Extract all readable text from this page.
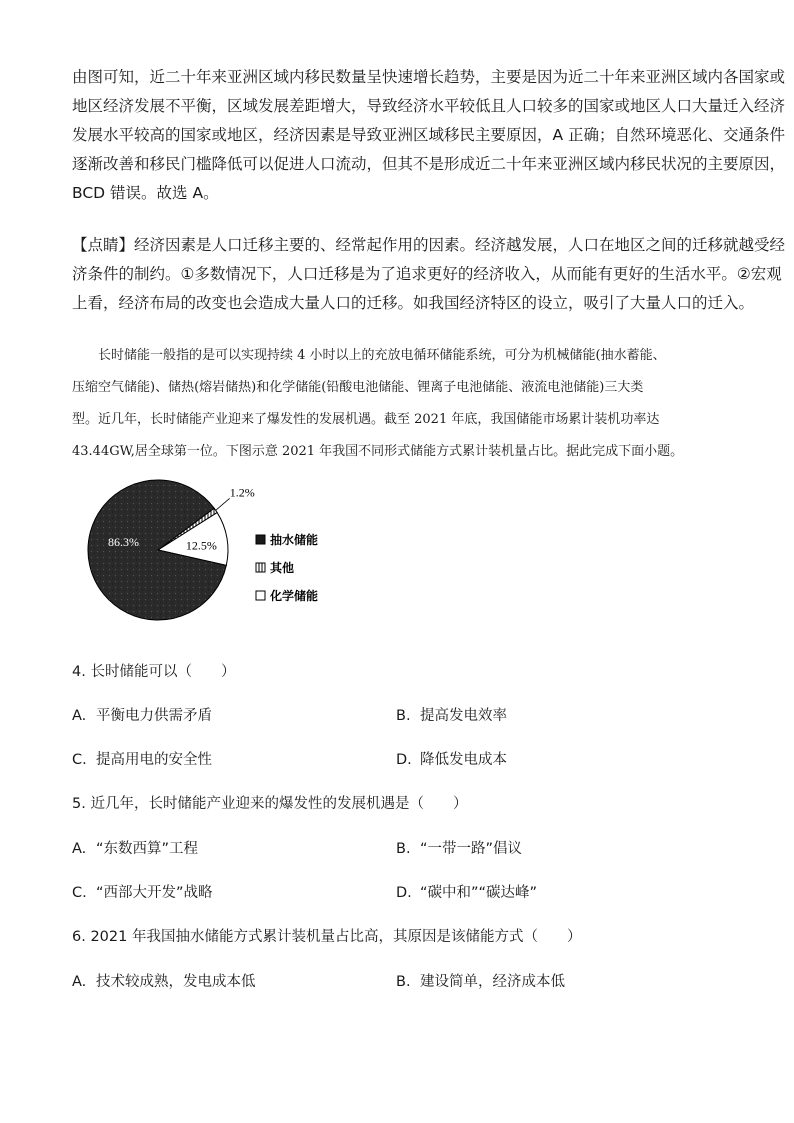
由图可知，近二十年来亚洲区域内移民数量呈快速增长趋势，主要是因为近二十年来亚洲区域内各国家或
地区经济发展不平衡，区域发展差距增大，导致经济水平较低且人口较多的国家或地区人口大量迁入经济
发展水平较高的国家或地区，经济因素是导致亚洲区域移民主要原因，A 正确；自然环境恶化、交通条件
逐渐改善和移民门槛降低可以促进人口流动，但其不是形成近二十年来亚洲区域内移民状况的主要原因，
BCD 错误。故选 A。
【点睛】经济因素是人口迁移主要的、经常起作用的因素。经济越发展，人口在地区之间的迁移就越受经
济条件的制约。①多数情况下，人口迁移是为了追求更好的经济收入，从而能有更好的生活水平。②宏观
上看，经济布局的改变也会造成大量人口的迁移。如我国经济特区的设立，吸引了大量人口的迁入。
长时储能一般指的是可以实现持续 4 小时以上的充放电循环储能系统，可分为机械储能(抽水蓄能、
压缩空气储能)、储热(熔岩储热)和化学储能(铅酸电池储能、锂离子电池储能、液流电池储能)三大类
型。近几年，长时储能产业迎来了爆发性的发展机遇。截至 2021 年底，我国储能市场累计装机功率达
43.44GW,居全球第一位。下图示意 2021 年我国不同形式储能方式累计装机量占比。据此完成下面小题。
86.3%	12.5%
1.2%
抽水储能
其他
化学储能
4. 长时储能可以（　　）
A. 平衡电力供需矛盾	B. 提高发电效率
C. 提高用电的安全性	D. 降低发电成本
5. 近几年，长时储能产业迎来的爆发性的发展机遇是（　　）
A. “东数西算”工程	B. “一带一路”倡议
C. “西部大开发”战略	D. “碳中和”“碳达峰”
6. 2021 年我国抽水储能方式累计装机量占比高，其原因是该储能方式（　　）
A. 技术较成熟，发电成本低	B. 建设简单，经济成本低
